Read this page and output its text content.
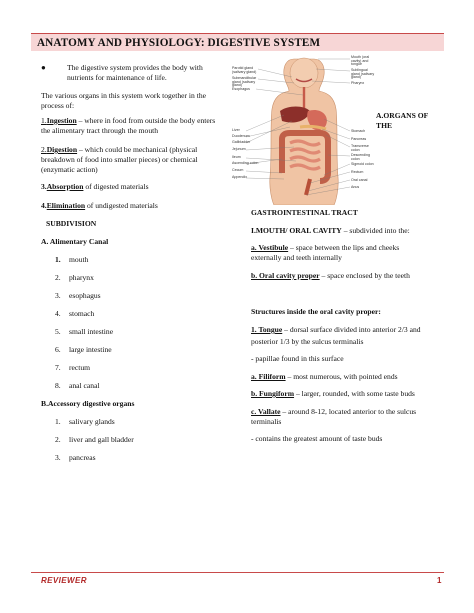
ANATOMY AND PHYSIOLOGY: DIGESTIVE SYSTEM
●	The digestive system provides the body with
nutrients for maintenance of life.
The various organs in this system work together in the
process of:
1.Ingestion – where in food from outside the body enters
the alimentary tract through the mouth
2.Digestion – which could be mechanical (physical
breakdown of food into smaller pieces) or chemical
(enzymatic action)
3.Absorption of digested materials
4.Elimination of undigested materials
SUBDIVISION
A. Alimentary Canal
1.	mouth
2.	pharynx
3.	esophagus
4.	stomach
5.	small intestine
6.	large intestine
7.	rectum
8.	anal canal
B.Accessory digestive organs
1.	salivary glands
2.	liver and gall bladder
3.	pancreas
Parotid gland (salivary gland)
Submandibular gland (salivary gland)
Esophagus
Liver
Duodenum
Gallbladder
Jejunum
Ileum
Ascending colon
Cecum
Appendix
Mouth (oral cavity) and tongue
Sublingual gland (salivary gland)
Pharynx
Stomach
Pancreas
Transverse colon
Descending colon
Sigmoid colon
Rectum
Oral canal
Anus
A.ORGANS OF
THE
GASTROINTESTINAL TRACT
I.MOUTH/ ORAL CAVITY – subdivided into the:
a. Vestibule – space between the lips and cheeks
externally and teeth internally
b. Oral cavity proper – space enclosed by the teeth
Structures inside the oral cavity proper:
1. Tongue – dorsal surface divided into anterior 2/3 and
posterior 1/3 by the sulcus terminalis
- papillae found in this surface
a. Filiform – most numerous, with pointed ends
b. Fungiform – larger, rounded, with some taste buds
c. Vallate – around 8-12, located anterior to the sulcus
terminalis
- contains the greatest amount of taste buds
REVIEWER	1
